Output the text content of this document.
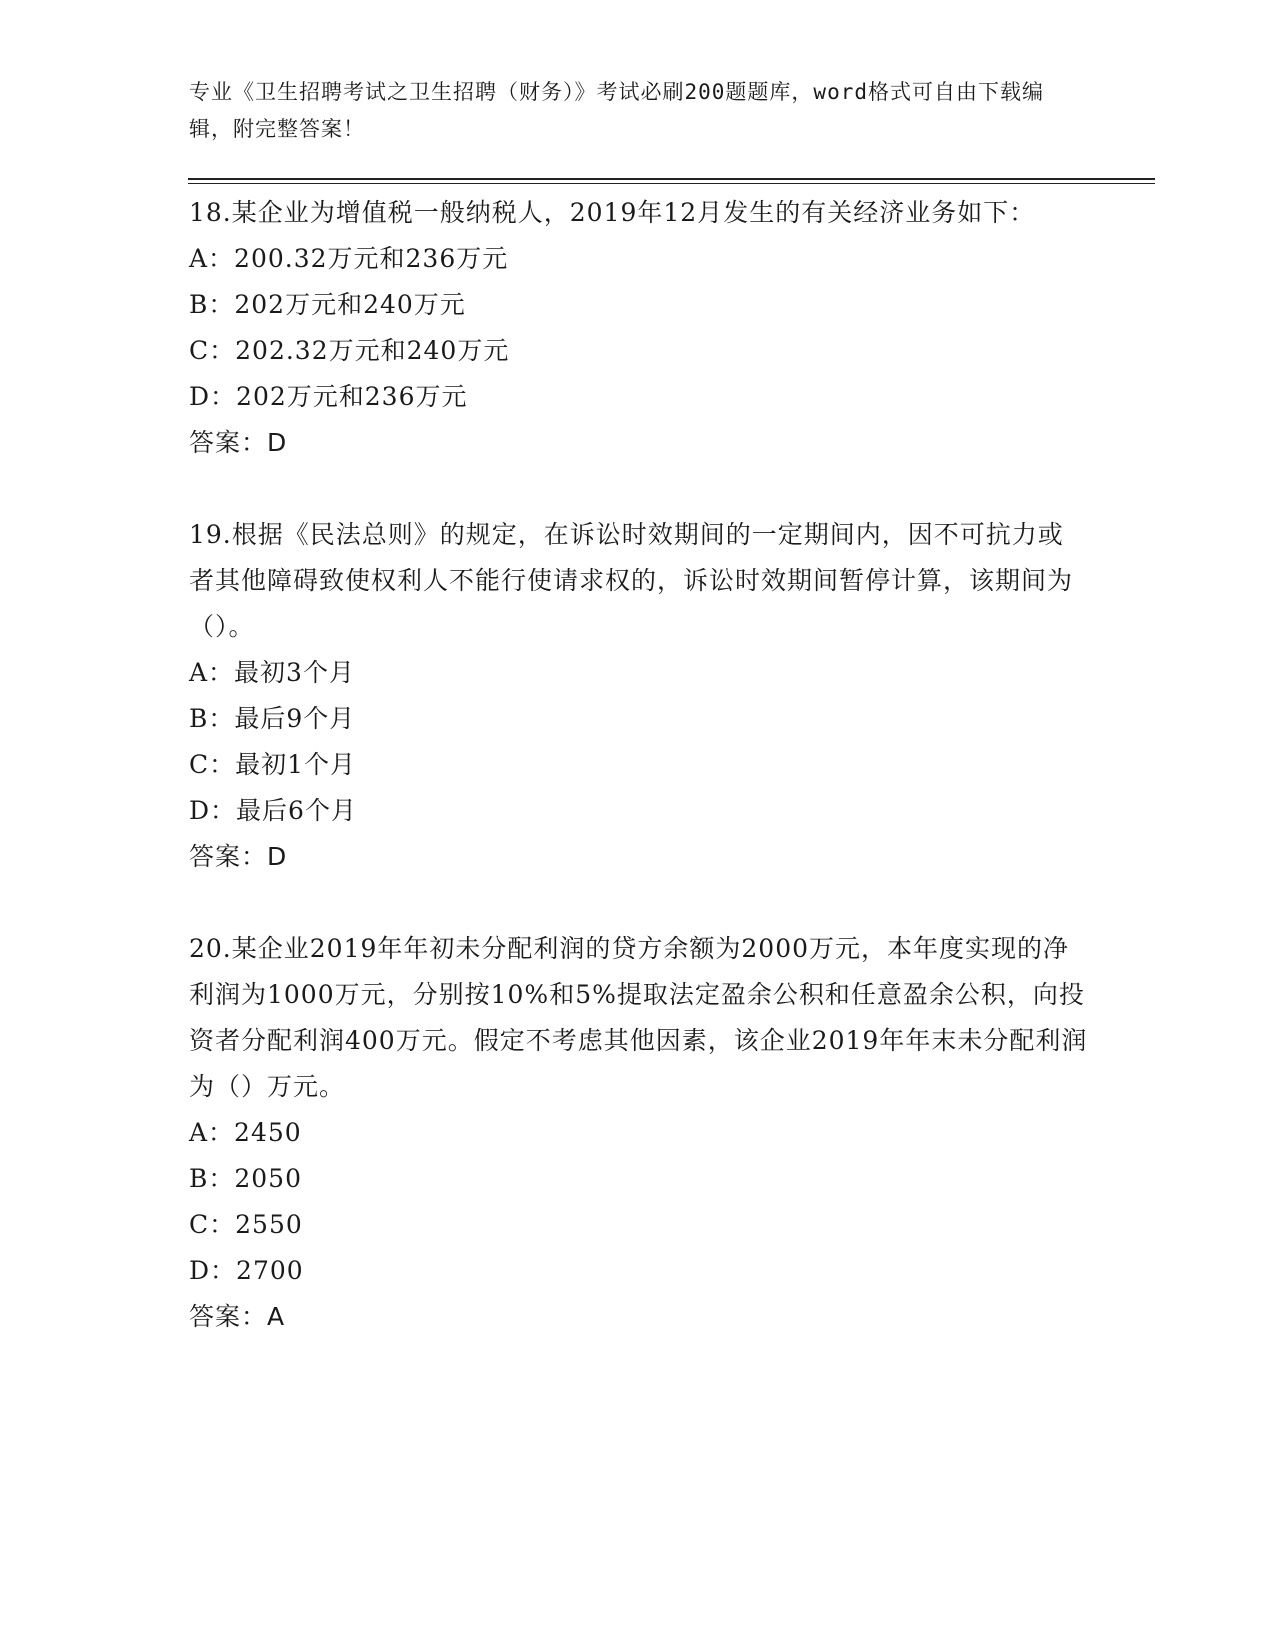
专业《卫生招聘考试之卫生招聘（财务）》考试必刷200题题库，word格式可自由下载编辑，附完整答案！
18.某企业为增值税一般纳税人，2019年12月发生的有关经济业务如下：
A：200.32万元和236万元
B：202万元和240万元
C：202.32万元和240万元
D：202万元和236万元
答案：D
19.根据《民法总则》的规定，在诉讼时效期间的一定期间内，因不可抗力或者其他障碍致使权利人不能行使请求权的，诉讼时效期间暂停计算，该期间为（）。
A：最初3个月
B：最后9个月
C：最初1个月
D：最后6个月
答案：D
20.某企业2019年年初未分配利润的贷方余额为2000万元，本年度实现的净利润为1000万元，分别按10%和5%提取法定盈余公积和任意盈余公积，向投资者分配利润400万元。假定不考虑其他因素，该企业2019年年末未分配利润为（）万元。
A：2450
B：2050
C：2550
D：2700
答案：A
